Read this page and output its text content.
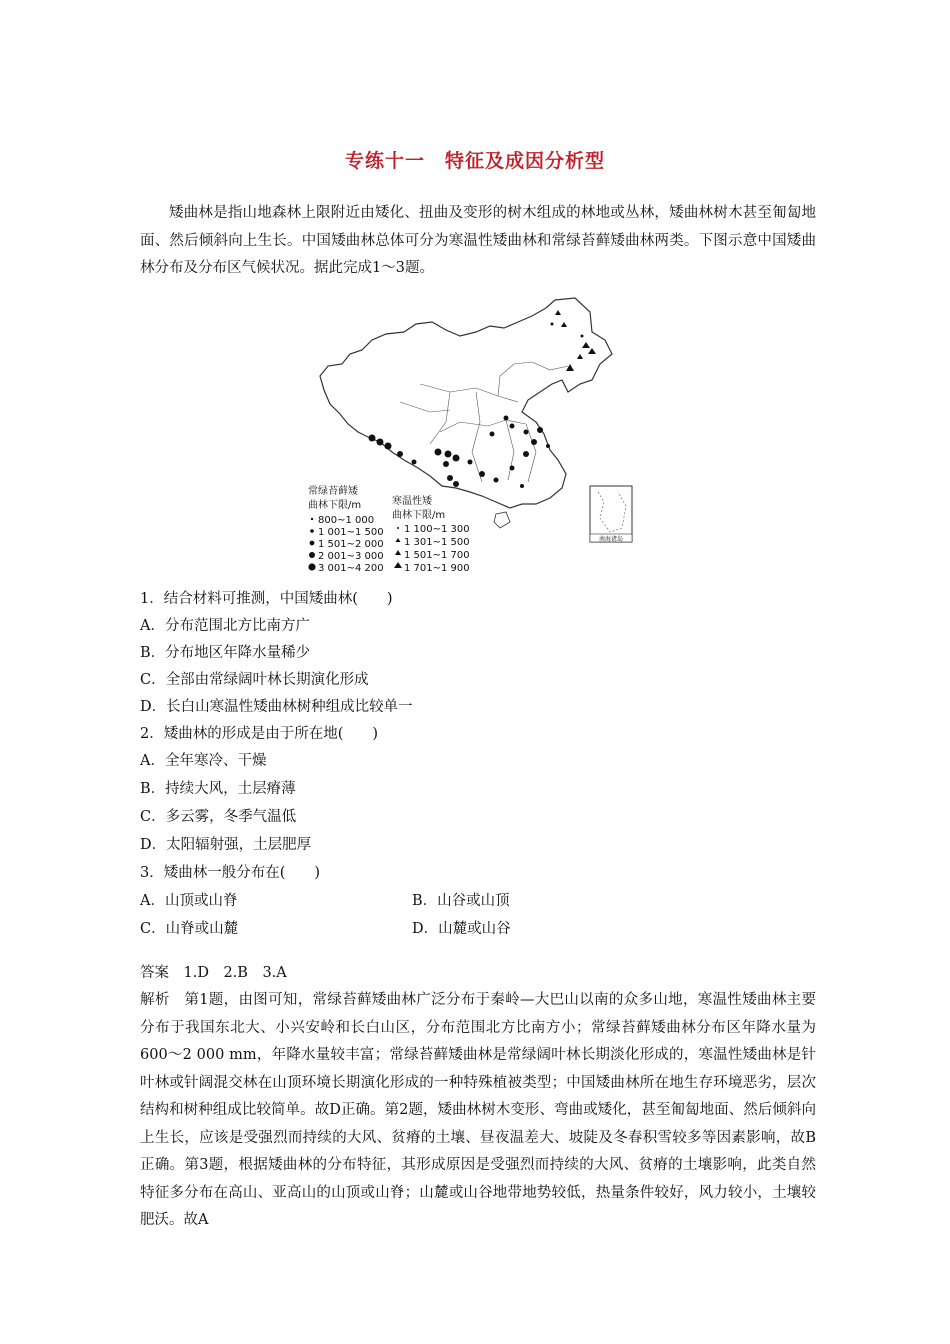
专练十一　特征及成因分析型
矮曲林是指山地森林上限附近由矮化、扭曲及变形的树木组成的林地或丛林，矮曲林树木甚至匍匐地面、然后倾斜向上生长。中国矮曲林总体可分为寒温性矮曲林和常绿苔藓矮曲林两类。下图示意中国矮曲林分布及分布区气候状况。据此完成1～3题。
南海诸岛
常绿苔藓矮
曲林下限/m
800~1 000
1 001~1 500
1 501~2 000
2 001~3 000
3 001~4 200
寒温性矮
曲林下限/m
1 100~1 300
1 301~1 500
1 501~1 700
1 701~1 900
1．结合材料可推测，中国矮曲林(　　)
A．分布范围北方比南方广
B．分布地区年降水量稀少
C．全部由常绿阔叶林长期演化形成
D．长白山寒温性矮曲林树种组成比较单一
2．矮曲林的形成是由于所在地(　　)
A．全年寒冷、干燥
B．持续大风，土层瘠薄
C．多云雾，冬季气温低
D．太阳辐射强，土层肥厚
3．矮曲林一般分布在(　　)
A．山顶或山脊	B．山谷或山顶
C．山脊或山麓	D．山麓或山谷
答案　1.D　2.B　3.A
解析　第1题，由图可知，常绿苔藓矮曲林广泛分布于秦岭—大巴山以南的众多山地，寒温性矮曲林主要分布于我国东北大、小兴安岭和长白山区，分布范围北方比南方小；常绿苔藓矮曲林分布区年降水量为600～2 000 mm，年降水量较丰富；常绿苔藓矮曲林是常绿阔叶林长期淡化形成的，寒温性矮曲林是针叶林或针阔混交林在山顶环境长期演化形成的一种特殊植被类型；中国矮曲林所在地生存环境恶劣，层次结构和树种组成比较简单。故D正确。第2题，矮曲林树木变形、弯曲或矮化，甚至匍匐地面、然后倾斜向上生长，应该是受强烈而持续的大风、贫瘠的土壤、昼夜温差大、坡陡及冬春积雪较多等因素影响，故B正确。第3题，根据矮曲林的分布特征，其形成原因是受强烈而持续的大风、贫瘠的土壤影响，此类自然特征多分布在高山、亚高山的山顶或山脊；山麓或山谷地带地势较低，热量条件较好，风力较小，土壤较肥沃。故A
